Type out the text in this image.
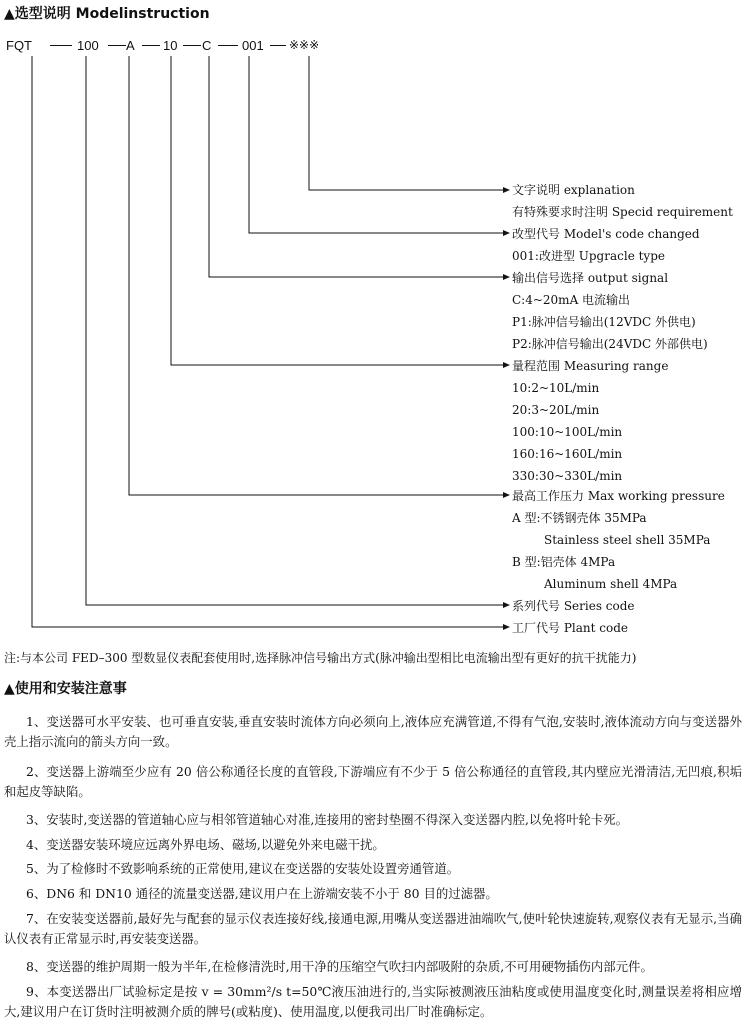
▲选型说明 Modelinstruction
FQT	100 A 10 C 001 ※※※
文字说明 explanation
有特殊要求时注明 Specid requirement
改型代号 Model's code changed
001:改进型 Upgracle type
输出信号选择 output signal
C:4~20mA 电流输出
P1:脉冲信号输出(12VDC 外供电)
P2:脉冲信号输出(24VDC 外部供电)
量程范围 Measuring range
10:2~10L/min
20:3~20L/min
100:10~100L/min
160:16~160L/min
330:30~330L/min
最高工作压力 Max working pressure
A 型:不锈钢壳体 35MPa
Stainless steel shell 35MPa
B 型:铝壳体 4MPa
Aluminum shell 4MPa
系列代号 Series code
工厂代号 Plant code
注:与本公司 FED–300 型数显仪表配套使用时,选择脉冲信号输出方式(脉冲输出型相比电流输出型有更好的抗干扰能力)
▲使用和安装注意事
1、变送器可水平安装、也可垂直安装,垂直安装时流体方向必须向上,液体应充满管道,不得有气泡,安装时,液体流动方向与变送器外壳上指示流向的箭头方向一致。
2、变送器上游端至少应有 20 倍公称通径长度的直管段,下游端应有不少于 5 倍公称通径的直管段,其内壁应光滑清洁,无凹痕,积垢和起皮等缺陷。
3、安装时,变送器的管道轴心应与相邻管道轴心对准,连接用的密封垫圈不得深入变送器内腔,以免将叶轮卡死。
4、变送器安装环境应远离外界电场、磁场,以避免外来电磁干扰。
5、为了检修时不致影响系统的正常使用,建议在变送器的安装处设置旁通管道。
6、DN6 和 DN10 通径的流量变送器,建议用户在上游端安装不小于 80 目的过滤器。
7、在安装变送器前,最好先与配套的显示仪表连接好线,接通电源,用嘴从变送器进油端吹气,使叶轮快速旋转,观察仪表有无显示,当确认仪表有正常显示时,再安装变送器。
8、变送器的维护周期一般为半年,在检修清洗时,用干净的压缩空气吹扫内部吸附的杂质,不可用硬物插伤内部元件。
9、本变送器出厂试验标定是按 v = 30mm²/s t=50℃液压油进行的,当实际被测液压油粘度或使用温度变化时,测量误差将相应增大,建议用户在订货时注明被测介质的牌号(或粘度)、使用温度,以便我司出厂时准确标定。
